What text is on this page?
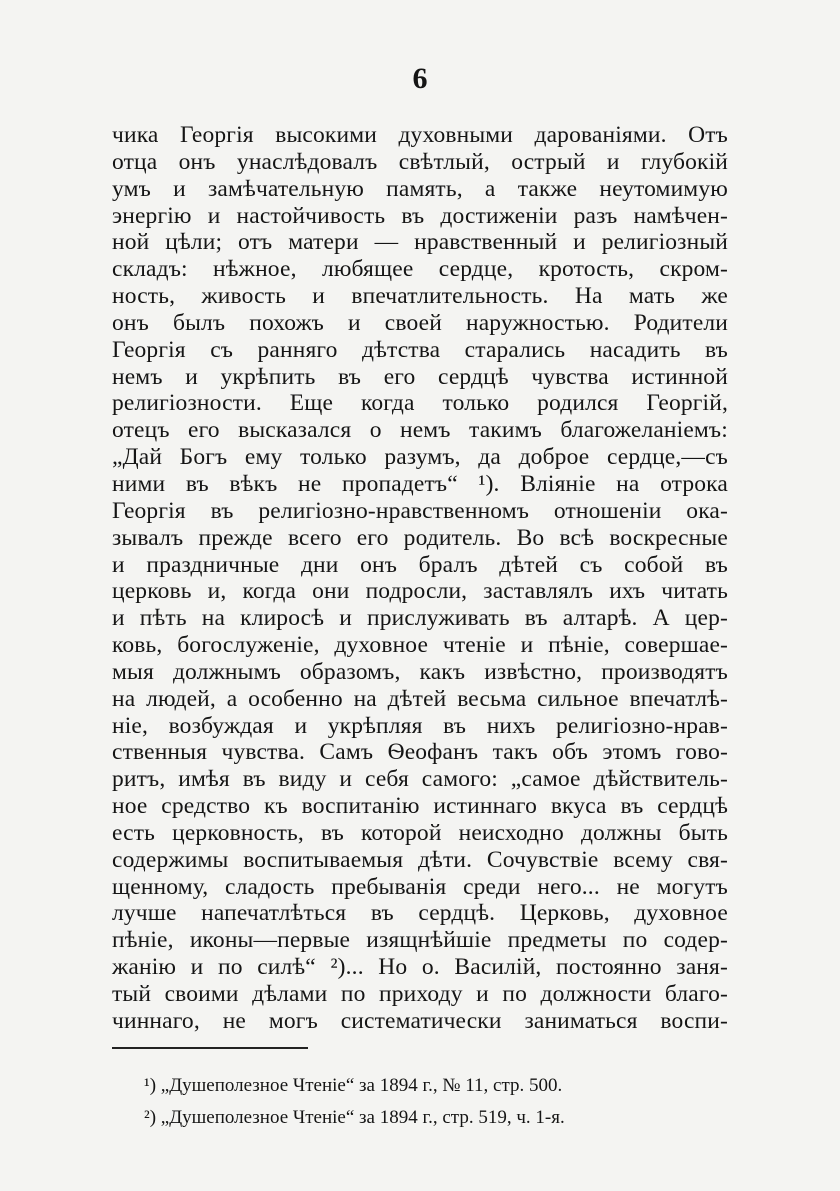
6
чика Георгія высокими духовными дарованіями. Отъ
отца онъ унаслѣдовалъ свѣтлый, острый и глубокій
умъ и замѣчательную память, а также неутомимую
энергію и настойчивость въ достиженіи разъ намѣчен-
ной цѣли; отъ матери — нравственный и религіозный
складъ: нѣжное, любящее сердце, кротость, скром-
ность, живость и впечатлительность. На мать же
онъ былъ похожъ и своей наружностью. Родители
Георгія съ ранняго дѣтства старались насадить въ
немъ и укрѣпить въ его сердцѣ чувства истинной
религіозности. Еще когда только родился Георгій,
отецъ его высказался о немъ такимъ благожеланіемъ:
„Дай Богъ ему только разумъ, да доброе сердце,—съ
ними въ вѣкъ не пропадетъ“ ¹). Вліяніе на отрока
Георгія въ религіозно-нравственномъ отношеніи ока-
зывалъ прежде всего его родитель. Во всѣ воскресные
и праздничные дни онъ бралъ дѣтей съ собой въ
церковь и, когда они подросли, заставлялъ ихъ читать
и пѣть на клиросѣ и прислуживать въ алтарѣ. А цер-
ковь, богослуженіе, духовное чтеніе и пѣніе, совершае-
мыя должнымъ образомъ, какъ извѣстно, производятъ
на людей, а особенно на дѣтей весьма сильное впечатлѣ-
ніе, возбуждая и укрѣпляя въ нихъ религіозно-нрав-
ственныя чувства. Самъ Ѳеофанъ такъ объ этомъ гово-
ритъ, имѣя въ виду и себя самого: „самое дѣйствитель-
ное средство къ воспитанію истиннаго вкуса въ сердцѣ
есть церковность, въ которой неисходно должны быть
содержимы воспитываемыя дѣти. Сочувствіе всему свя-
щенному, сладость пребыванія среди него... не могутъ
лучше напечатлѣться въ сердцѣ. Церковь, духовное
пѣніе, иконы—первые изящнѣйшіе предметы по содер-
жанію и по силѣ“ ²)... Но о. Василій, постоянно заня-
тый своими дѣлами по приходу и по должности благо-
чиннаго, не могъ систематически заниматься воспи-
¹) „Душеполезное Чтеніе“ за 1894 г., № 11, стр. 500.
²) „Душеполезное Чтеніе“ за 1894 г., стр. 519, ч. 1-я.
